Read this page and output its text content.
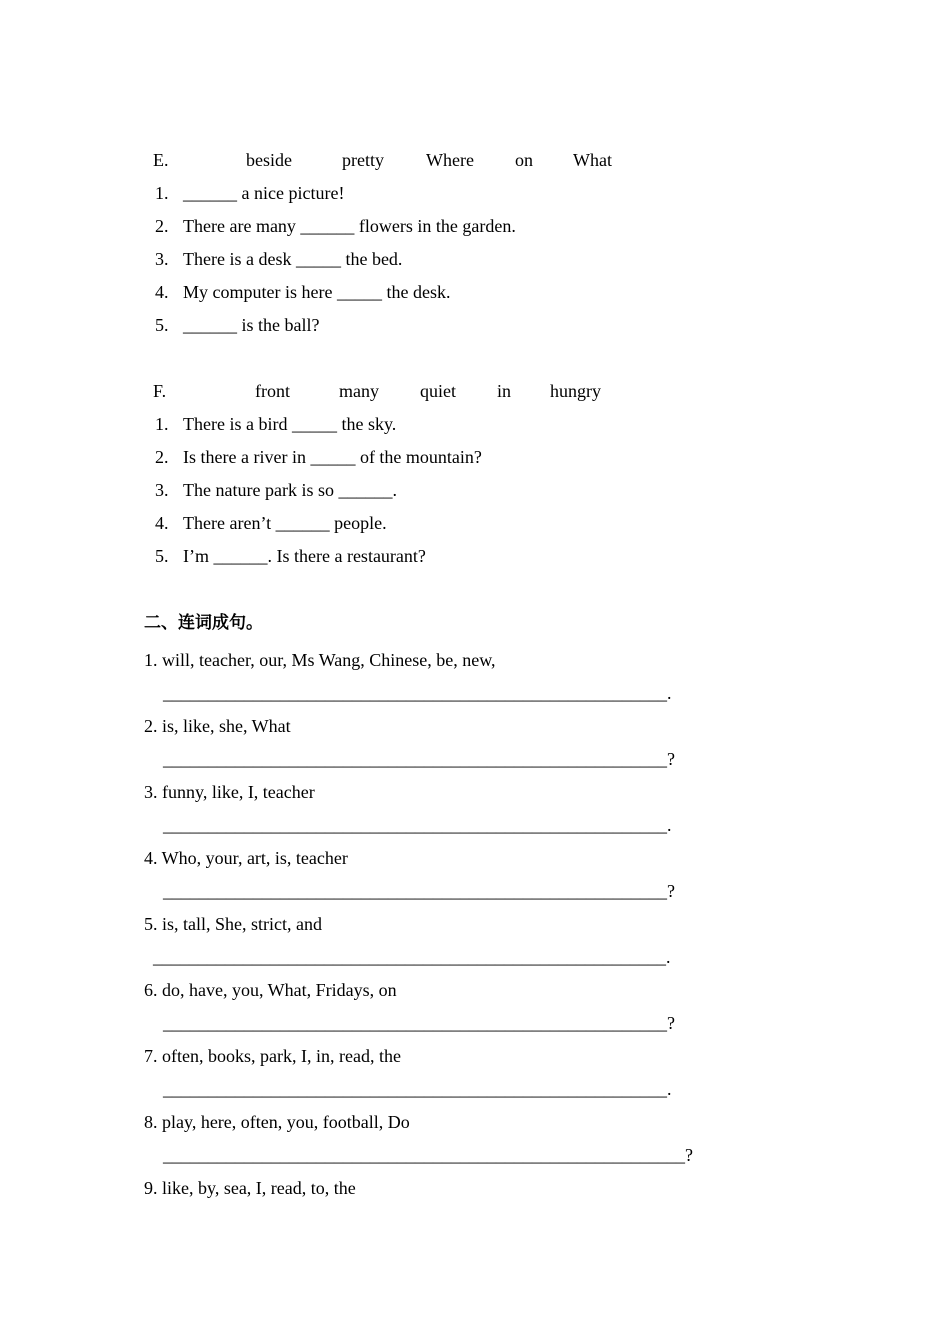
E.	beside	pretty Where on What
1. ______ a nice picture!
2. There are many ______ flowers in the garden.
3. There is a desk _____ the bed.
4. My computer is here _____ the desk.
5. ______ is the ball?
F.	front	many quiet in hungry
1. There is a bird _____ the sky.
2. Is there a river in _____ of the mountain?
3. The nature park is so ______.
4. There aren’t ______ people.
5. I’m ______. Is there a restaurant?
二、连词成句。
1. will, teacher, our, Ms Wang, Chinese, be, new,
________________________________________________________.
2. is, like, she, What
________________________________________________________?
3. funny, like, I, teacher
________________________________________________________.
4. Who, your, art, is, teacher
________________________________________________________?
5. is, tall, She, strict, and
_________________________________________________________.
6. do, have, you, What, Fridays, on
________________________________________________________?
7. often, books, park, I, in, read, the
________________________________________________________.
8. play, here, often, you, football, Do
__________________________________________________________?
9. like, by, sea, I, read, to, the
